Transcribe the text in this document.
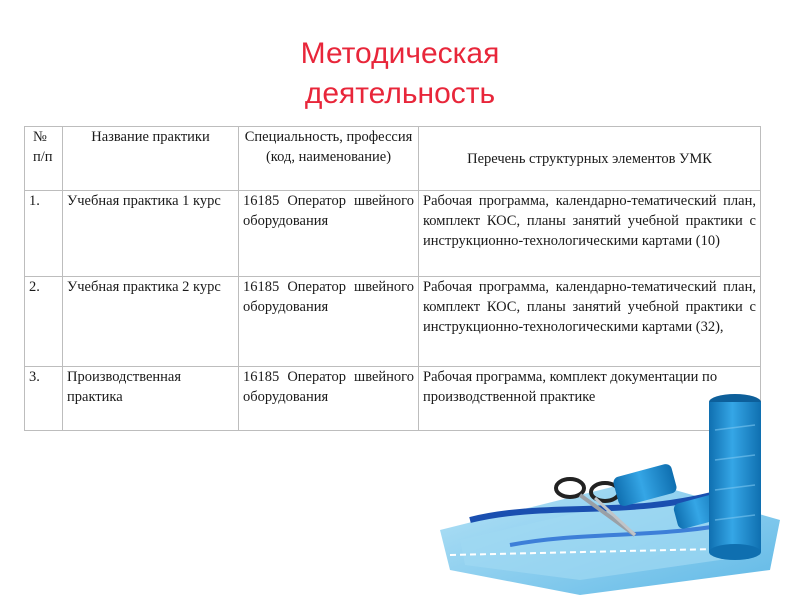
Методическая
деятельность
№ п/п	Название практики	Специальность, профессия (код, наименование)	Перечень структурных элементов УМК
1.	Учебная практика 1 курс	16185 Оператор швейного оборудования	Рабочая программа, календарно-тематический план, комплект КОС, планы занятий учебной практики с инструкционно-технологическими картами (10)
2.	Учебная практика 2 курс	16185 Оператор швейного оборудования	Рабочая программа, календарно-тематический план, комплект КОС, планы занятий учебной практики с инструкционно-технологическими картами (32),
3.	Производственная практика	16185 Оператор швейного оборудования	Рабочая программа, комплект документации по производственной практике
